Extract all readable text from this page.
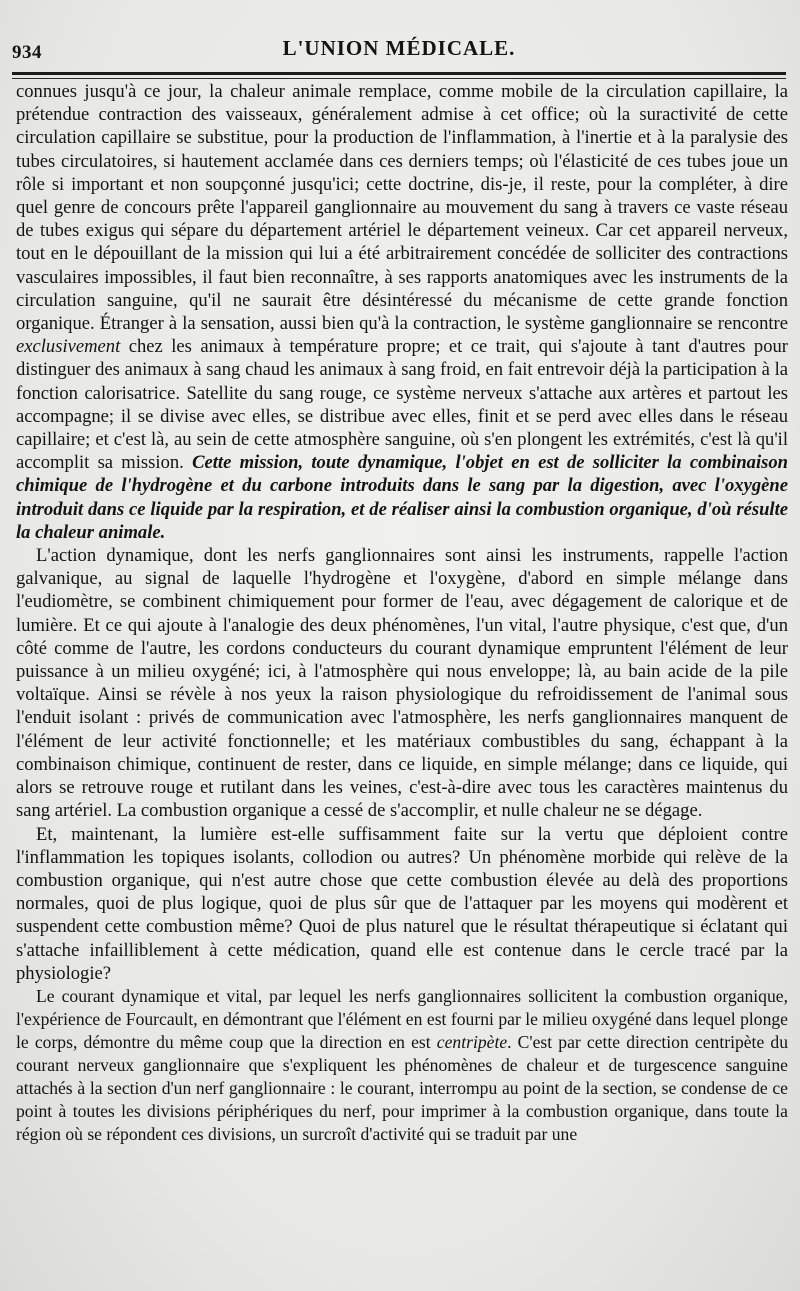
934	L'UNION MÉDICALE.

connues jusqu'à ce jour, la chaleur animale remplace, comme mobile de la circulation capillaire, la prétendue contraction des vaisseaux, généralement admise à cet office; où la suractivité de cette circulation capillaire se substitue, pour la production de l'inflammation, à l'inertie et à la paralysie des tubes circulatoires, si hautement acclamée dans ces derniers temps; où l'élasticité de ces tubes joue un rôle si important et non soupçonné jusqu'ici; cette doctrine, dis-je, il reste, pour la compléter, à dire quel genre de concours prête l'appareil ganglionnaire au mouvement du sang à travers ce vaste réseau de tubes exigus qui sépare du département artériel le département veineux. Car cet appareil nerveux, tout en le dépouillant de la mission qui lui a été arbitrairement concédée de solliciter des contractions vasculaires impossibles, il faut bien reconnaître, à ses rapports anatomiques avec les instruments de la circulation sanguine, qu'il ne saurait être désintéressé du mécanisme de cette grande fonction organique. Étranger à la sensation, aussi bien qu'à la contraction, le système ganglionnaire se rencontre exclusivement chez les animaux à température propre; et ce trait, qui s'ajoute à tant d'autres pour distinguer des animaux à sang chaud les animaux à sang froid, en fait entrevoir déjà la participation à la fonction calorisatrice. Satellite du sang rouge, ce système nerveux s'attache aux artères et partout les accompagne; il se divise avec elles, se distribue avec elles, finit et se perd avec elles dans le réseau capillaire; et c'est là, au sein de cette atmosphère sanguine, où s'en plongent les extrémités, c'est là qu'il accomplit sa mission. Cette mission, toute dynamique, l'objet en est de solliciter la combinaison chimique de l'hydrogène et du carbone introduits dans le sang par la digestion, avec l'oxygène introduit dans ce liquide par la respiration, et de réaliser ainsi la combustion organique, d'où résulte la chaleur animale.

L'action dynamique, dont les nerfs ganglionnaires sont ainsi les instruments, rappelle l'action galvanique, au signal de laquelle l'hydrogène et l'oxygène, d'abord en simple mélange dans l'eudiomètre, se combinent chimiquement pour former de l'eau, avec dégagement de calorique et de lumière. Et ce qui ajoute à l'analogie des deux phénomènes, l'un vital, l'autre physique, c'est que, d'un côté comme de l'autre, les cordons conducteurs du courant dynamique empruntent l'élément de leur puissance à un milieu oxygéné; ici, à l'atmosphère qui nous enveloppe; là, au bain acide de la pile voltaïque. Ainsi se révèle à nos yeux la raison physiologique du refroidissement de l'animal sous l'enduit isolant : privés de communication avec l'atmosphère, les nerfs ganglionnaires manquent de l'élément de leur activité fonctionnelle; et les matériaux combustibles du sang, échappant à la combinaison chimique, continuent de rester, dans ce liquide, en simple mélange; dans ce liquide, qui alors se retrouve rouge et rutilant dans les veines, c'est-à-dire avec tous les caractères maintenus du sang artériel. La combustion organique a cessé de s'accomplir, et nulle chaleur ne se dégage.

Et, maintenant, la lumière est-elle suffisamment faite sur la vertu que déploient contre l'inflammation les topiques isolants, collodion ou autres? Un phénomène morbide qui relève de la combustion organique, qui n'est autre chose que cette combustion élevée au delà des proportions normales, quoi de plus logique, quoi de plus sûr que de l'attaquer par les moyens qui modèrent et suspendent cette combustion même? Quoi de plus naturel que le résultat thérapeutique si éclatant qui s'attache infailliblement à cette médication, quand elle est contenue dans le cercle tracé par la physiologie?

Le courant dynamique et vital, par lequel les nerfs ganglionnaires sollicitent la combustion organique, l'expérience de Fourcault, en démontrant que l'élément en est fourni par le milieu oxygéné dans lequel plonge le corps, démontre du même coup que la direction en est centripète. C'est par cette direction centripète du courant nerveux ganglionnaire que s'expliquent les phénomènes de chaleur et de turgescence sanguine attachés à la section d'un nerf ganglionnaire : le courant, interrompu au point de la section, se condense de ce point à toutes les divisions périphériques du nerf, pour imprimer à la combustion organique, dans toute la région où se répondent ces divisions, un surcroît d'activité qui se traduit par une
